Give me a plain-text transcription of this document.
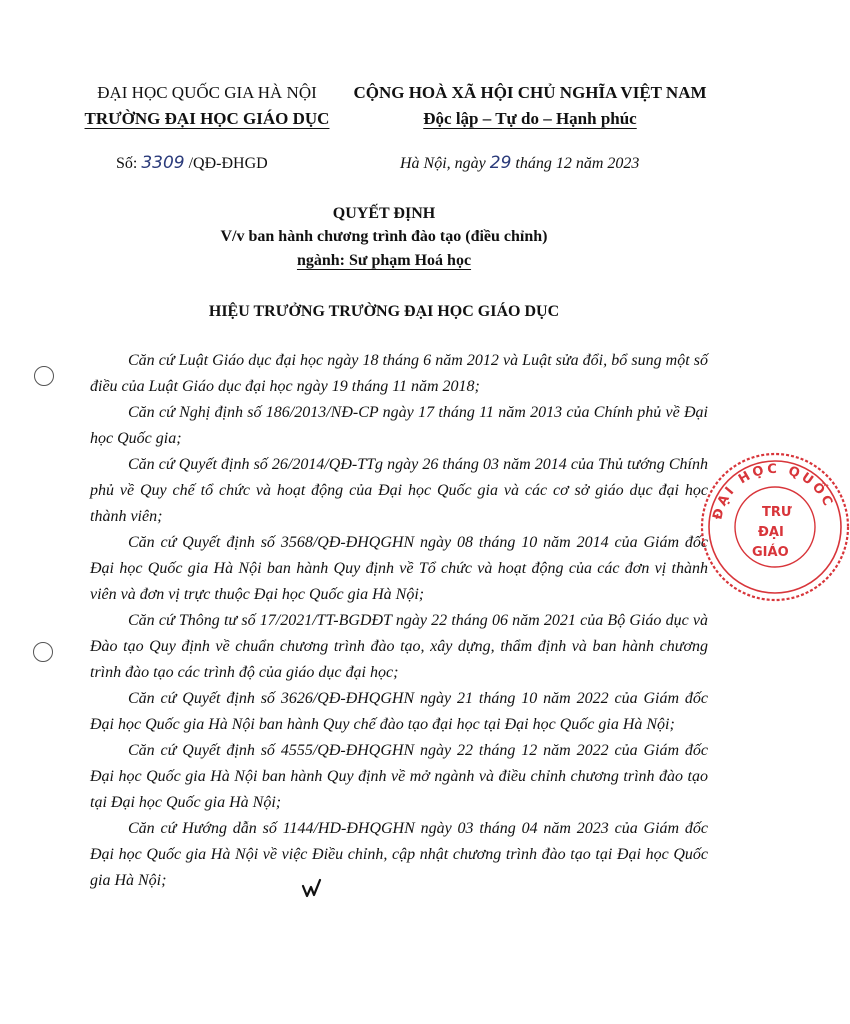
ĐẠI HỌC QUỐC GIA HÀ NỘI
TRƯỜNG ĐẠI HỌC GIÁO DỤC
CỘNG HOÀ XÃ HỘI CHỦ NGHĨA VIỆT NAM
Độc lập – Tự do – Hạnh phúc
Số: 3309 /QĐ-ĐHGD	Hà Nội, ngày 29 tháng 12 năm 2023
QUYẾT ĐỊNH
V/v ban hành chương trình đào tạo (điều chỉnh)
ngành: Sư phạm Hoá học
HIỆU TRƯỞNG TRƯỜNG ĐẠI HỌC GIÁO DỤC

Căn cứ Luật Giáo dục đại học ngày 18 tháng 6 năm 2012 và Luật sửa đổi, bổ sung một số điều của Luật Giáo dục đại học ngày 19 tháng 11 năm 2018;

Căn cứ Nghị định số 186/2013/NĐ-CP ngày 17 tháng 11 năm 2013 của Chính phủ về Đại học Quốc gia;

Căn cứ Quyết định số 26/2014/QĐ-TTg ngày 26 tháng 03 năm 2014 của Thủ tướng Chính phủ về Quy chế tổ chức và hoạt động của Đại học Quốc gia và các cơ sở giáo dục đại học thành viên;

Căn cứ Quyết định số 3568/QĐ-ĐHQGHN ngày 08 tháng 10 năm 2014 của Giám đốc Đại học Quốc gia Hà Nội ban hành Quy định về Tổ chức và hoạt động của các đơn vị thành viên và đơn vị trực thuộc Đại học Quốc gia Hà Nội;

Căn cứ Thông tư số 17/2021/TT-BGDĐT ngày 22 tháng 06 năm 2021 của Bộ Giáo dục và Đào tạo Quy định về chuẩn chương trình đào tạo, xây dựng, thẩm định và ban hành chương trình đào tạo các trình độ của giáo dục đại học;

Căn cứ Quyết định số 3626/QĐ-ĐHQGHN ngày 21 tháng 10 năm 2022 của Giám đốc Đại học Quốc gia Hà Nội ban hành Quy chế đào tạo đại học tại Đại học Quốc gia Hà Nội;

Căn cứ Quyết định số 4555/QĐ-ĐHQGHN ngày 22 tháng 12 năm 2022 của Giám đốc Đại học Quốc gia Hà Nội ban hành Quy định về mở ngành và điều chỉnh chương trình đào tạo tại Đại học Quốc gia Hà Nội;

Căn cứ Hướng dẫn số 1144/HD-ĐHQGHN ngày 03 tháng 04 năm 2023 của Giám đốc Đại học Quốc gia Hà Nội về việc Điều chỉnh, cập nhật chương trình đào tạo tại Đại học Quốc gia Hà Nội;

ĐẠI HỌC QUỐC
TRƯ
ĐẠI
GIÁO
